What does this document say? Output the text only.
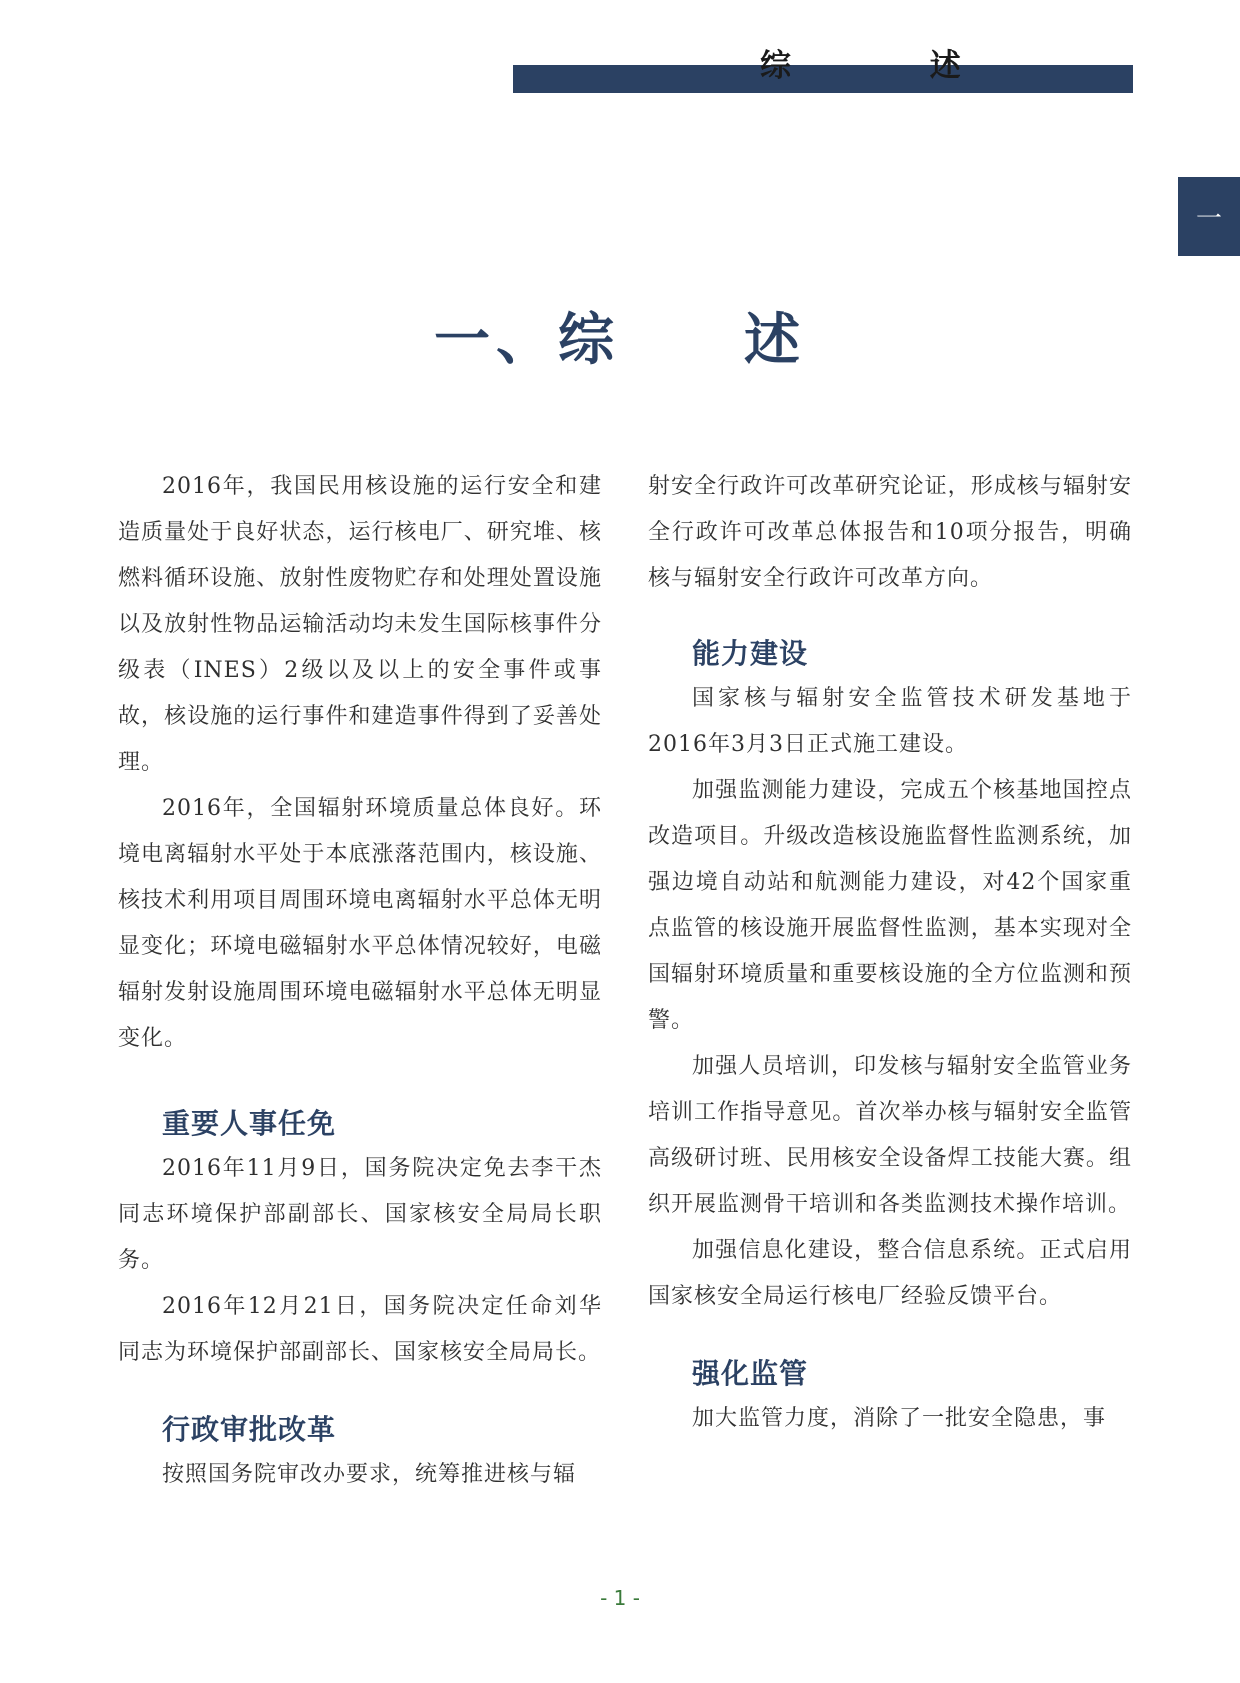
综 述
一
一、综　　述

2016年，我国民用核设施的运行安全和建造质量处于良好状态，运行核电厂、研究堆、核燃料循环设施、放射性废物贮存和处理处置设施以及放射性物品运输活动均未发生国际核事件分级表（INES）2级以及以上的安全事件或事故，核设施的运行事件和建造事件得到了妥善处理。

2016年，全国辐射环境质量总体良好。环境电离辐射水平处于本底涨落范围内，核设施、核技术利用项目周围环境电离辐射水平总体无明显变化；环境电磁辐射水平总体情况较好，电磁辐射发射设施周围环境电磁辐射水平总体无明显变化。

重要人事任免

2016年11月9日，国务院决定免去李干杰同志环境保护部副部长、国家核安全局局长职务。

2016年12月21日，国务院决定任命刘华同志为环境保护部副部长、国家核安全局局长。

行政审批改革

按照国务院审改办要求，统筹推进核与辐

射安全行政许可改革研究论证，形成核与辐射安全行政许可改革总体报告和10项分报告，明确核与辐射安全行政许可改革方向。

能力建设

国家核与辐射安全监管技术研发基地于2016年3月3日正式施工建设。

加强监测能力建设，完成五个核基地国控点改造项目。升级改造核设施监督性监测系统，加强边境自动站和航测能力建设，对42个国家重点监管的核设施开展监督性监测，基本实现对全国辐射环境质量和重要核设施的全方位监测和预警。

加强人员培训，印发核与辐射安全监管业务培训工作指导意见。首次举办核与辐射安全监管高级研讨班、民用核安全设备焊工技能大赛。组织开展监测骨干培训和各类监测技术操作培训。

加强信息化建设，整合信息系统。正式启用国家核安全局运行核电厂经验反馈平台。

强化监管

加大监管力度，消除了一批安全隐患，事

- 1 -
